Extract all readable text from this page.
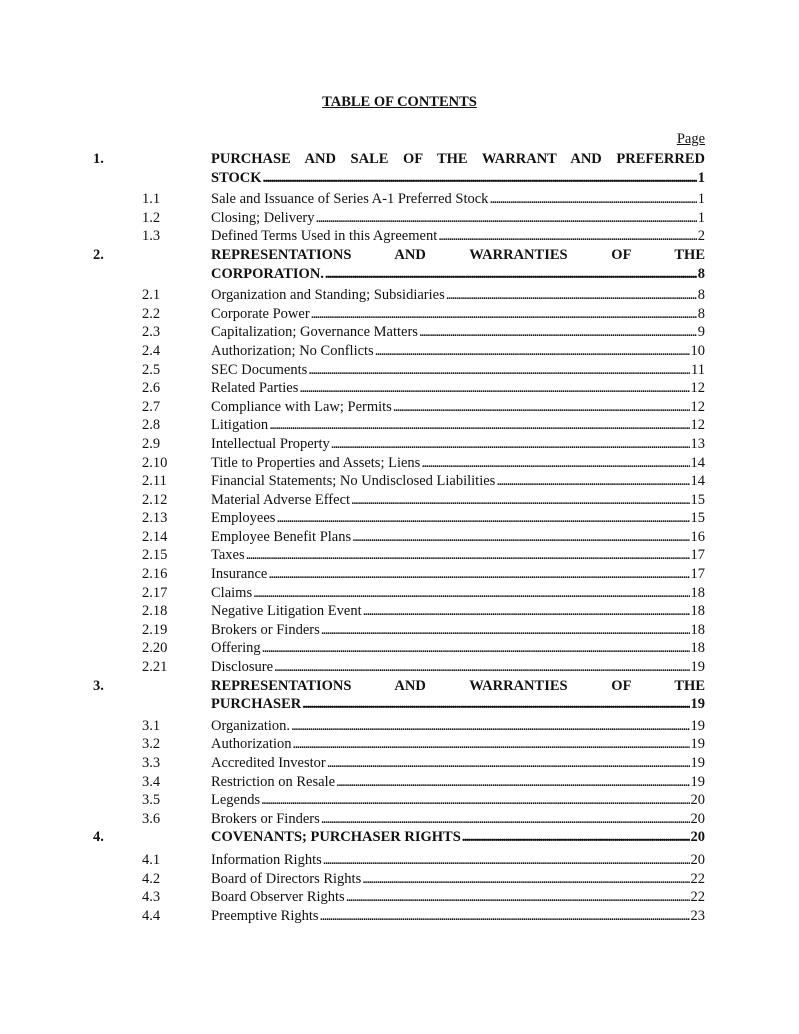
TABLE OF CONTENTS
Page
1.	PURCHASE AND SALE OF THE WARRANT AND PREFERRED
STOCK . . .	1
1.1	Sale and Issuance of Series A-1 Preferred Stock . . .	1
1.2	Closing; Delivery . . .	1
1.3	Defined Terms Used in this Agreement . . .	2
2.	REPRESENTATIONS AND WARRANTIES OF THE
CORPORATION. . . .	8
2.1	Organization and Standing; Subsidiaries . . .	8
2.2	Corporate Power . . .	8
2.3	Capitalization; Governance Matters . . .	9
2.4	Authorization; No Conflicts . . .	10
2.5	SEC Documents . . .	11
2.6	Related Parties . . .	12
2.7	Compliance with Law; Permits . . .	12
2.8	Litigation . . .	12
2.9	Intellectual Property . . .	13
2.10	Title to Properties and Assets; Liens . . .	14
2.11	Financial Statements; No Undisclosed Liabilities . . .	14
2.12	Material Adverse Effect . . .	15
2.13	Employees . . .	15
2.14	Employee Benefit Plans . . .	16
2.15	Taxes . . .	17
2.16	Insurance . . .	17
2.17	Claims . . .	18
2.18	Negative Litigation Event . . .	18
2.19	Brokers or Finders . . .	18
2.20	Offering . . .	18
2.21	Disclosure . . .	19
3.	REPRESENTATIONS AND WARRANTIES OF THE
PURCHASER . . .	19
3.1	Organization. . . .	19
3.2	Authorization . . .	19
3.3	Accredited Investor . . .	19
3.4	Restriction on Resale . . .	19
3.5	Legends . . .	20
3.6	Brokers or Finders . . .	20
4.	COVENANTS; PURCHASER RIGHTS . . .	20
4.1	Information Rights . . .	20
4.2	Board of Directors Rights . . .	22
4.3	Board Observer Rights . . .	22
4.4	Preemptive Rights . . .	23
